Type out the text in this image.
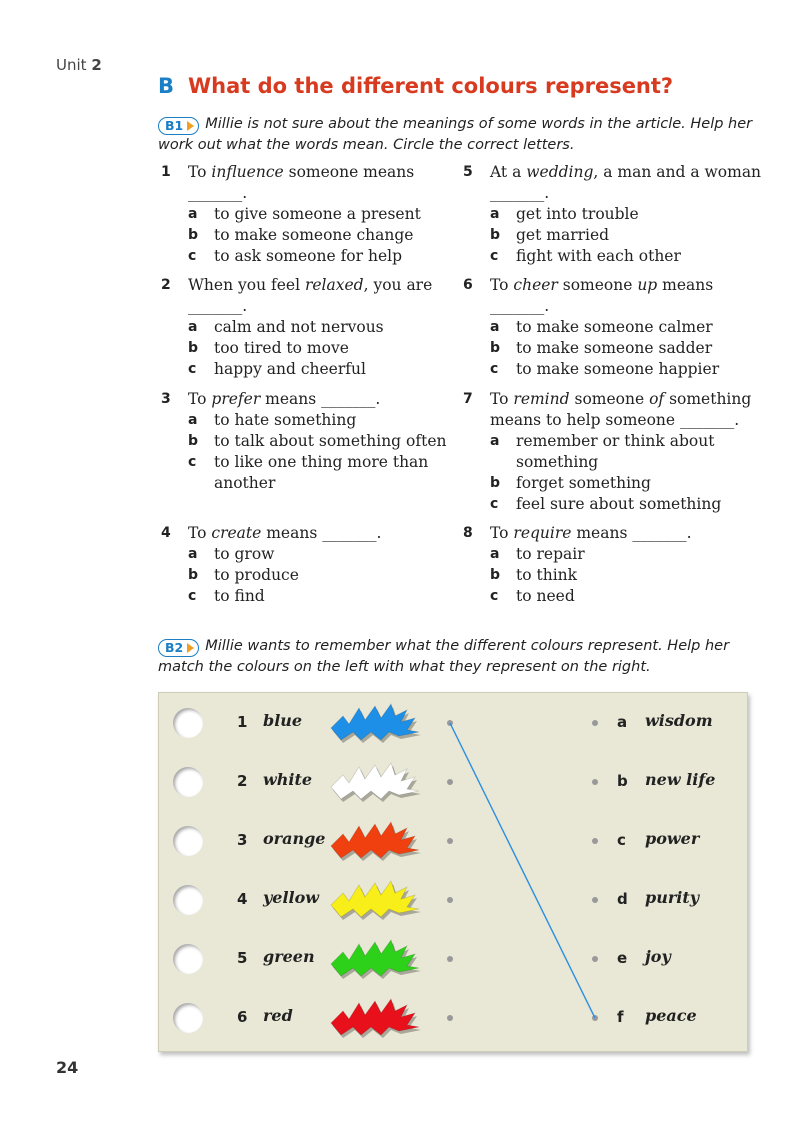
Unit 2
B What do the different colours represent?
B1 Millie is not sure about the meanings of some words in the article. Help her work out what the words mean. Circle the correct letters.
1 To influence someone means _______.
a to give someone a present
b to make someone change
c to ask someone for help
2 When you feel relaxed, you are _______.
a calm and not nervous
b too tired to move
c happy and cheerful
3 To prefer means _______.
a to hate something
b to talk about something often
c to like one thing more than another
4 To create means _______.
a to grow
b to produce
c to find
5 At a wedding, a man and a woman _______.
a get into trouble
b get married
c fight with each other
6 To cheer someone up means _______.
a to make someone calmer
b to make someone sadder
c to make someone happier
7 To remind someone of something means to help someone _______.
a remember or think about something
b forget something
c feel sure about something
8 To require means _______.
a to repair
b to think
c to need
B2 Millie wants to remember what the different colours represent. Help her match the colours on the left with what they represent on the right.
1 blue	a wisdom
2 white	b new life
3 orange	c power
4 yellow	d purity
5 green	e joy
6 red	f peace
24
